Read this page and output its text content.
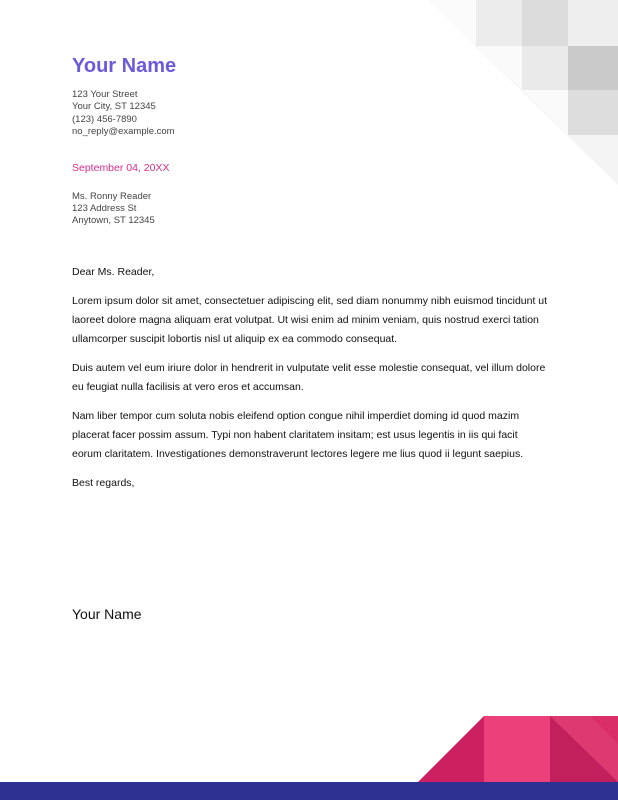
Your Name
123 Your Street
Your City, ST 12345
(123) 456-7890
no_reply@example.com
September 04, 20XX
Ms. Ronny Reader
123 Address St
Anytown, ST 12345

Dear Ms. Reader,

Lorem ipsum dolor sit amet, consectetuer adipiscing elit, sed diam nonummy nibh euismod tincidunt ut laoreet dolore magna aliquam erat volutpat. Ut wisi enim ad minim veniam, quis nostrud exerci tation ullamcorper suscipit lobortis nisl ut aliquip ex ea commodo consequat.

Duis autem vel eum iriure dolor in hendrerit in vulputate velit esse molestie consequat, vel illum dolore eu feugiat nulla facilisis at vero eros et accumsan.

Nam liber tempor cum soluta nobis eleifend option congue nihil imperdiet doming id quod mazim placerat facer possim assum. Typi non habent claritatem insitam; est usus legentis in iis qui facit eorum claritatem. Investigationes demonstraverunt lectores legere me lius quod ii legunt saepius.

Best regards,

Your Name
